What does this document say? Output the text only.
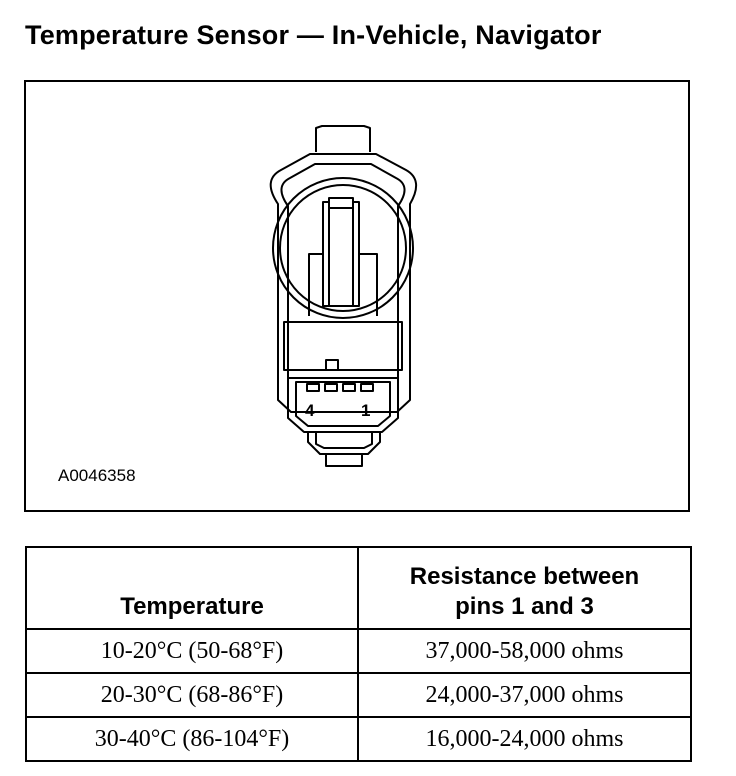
Temperature Sensor — In-Vehicle, Navigator
4	1
A0046358
Temperature	Resistance between
pins 1 and 3
10-20°C (50-68°F)	37,000-58,000 ohms
20-30°C (68-86°F)	24,000-37,000 ohms
30-40°C (86-104°F)	16,000-24,000 ohms
